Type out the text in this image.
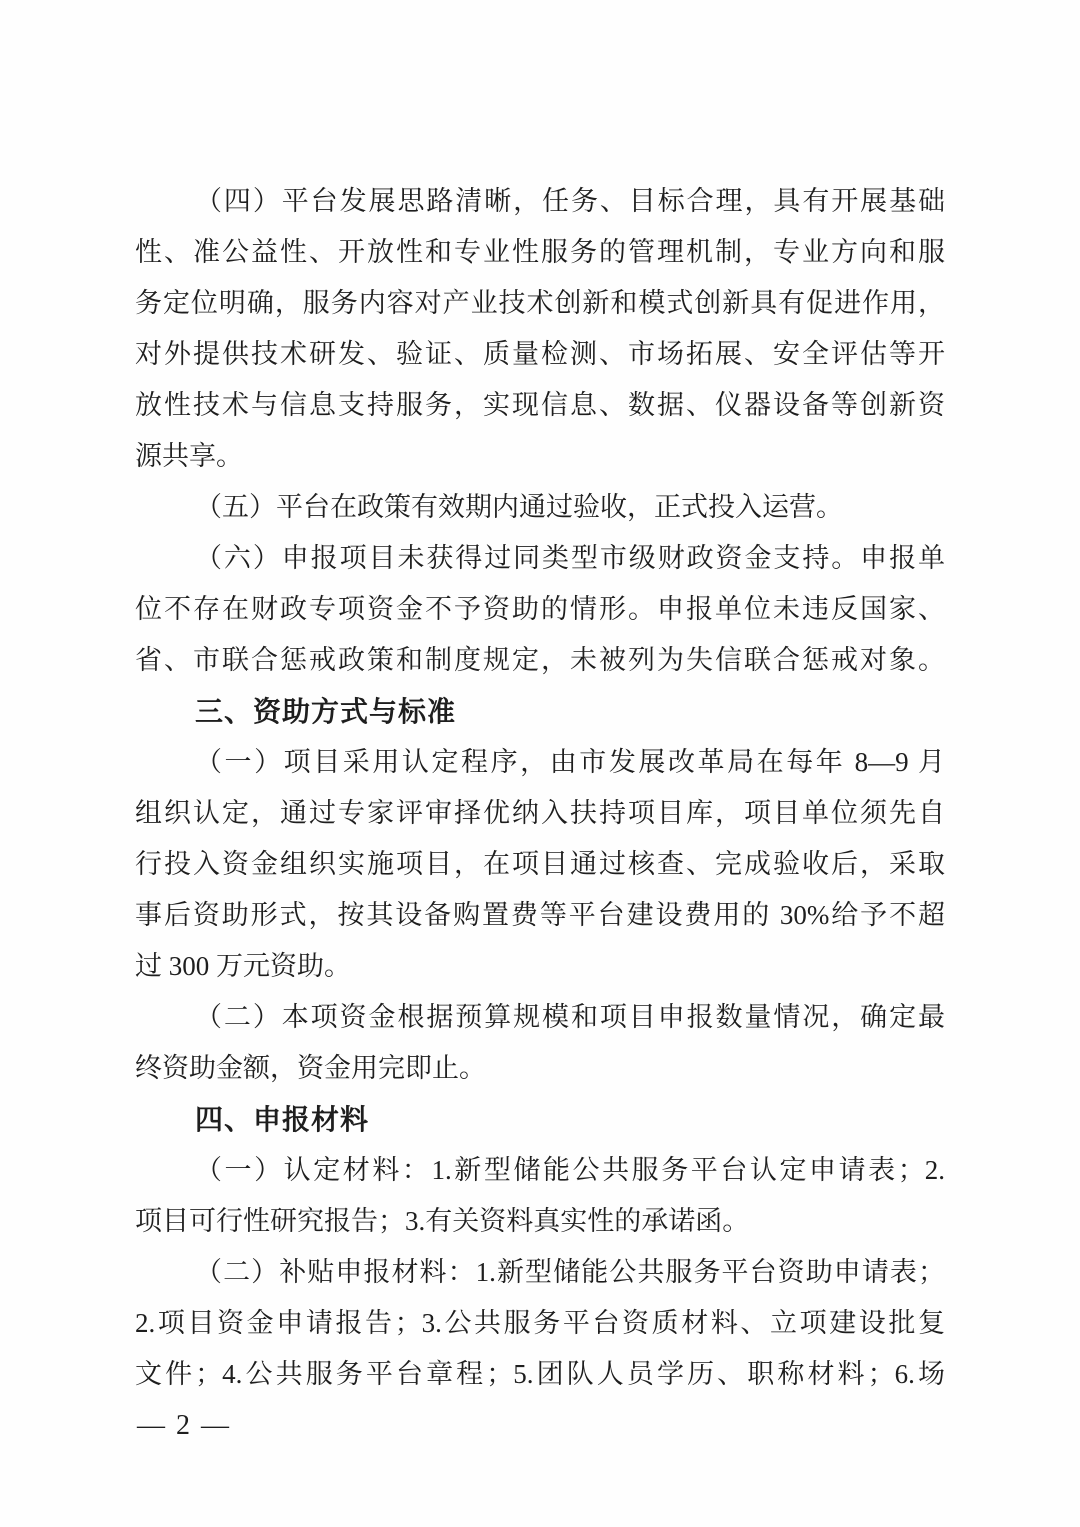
（四）平台发展思路清晰，任务、目标合理，具有开展基础
性、准公益性、开放性和专业性服务的管理机制，专业方向和服
务定位明确，服务内容对产业技术创新和模式创新具有促进作用，
对外提供技术研发、验证、质量检测、市场拓展、安全评估等开
放性技术与信息支持服务，实现信息、数据、仪器设备等创新资
源共享。
（五）平台在政策有效期内通过验收，正式投入运营。
（六）申报项目未获得过同类型市级财政资金支持。申报单
位不存在财政专项资金不予资助的情形。申报单位未违反国家、
省、市联合惩戒政策和制度规定，未被列为失信联合惩戒对象。
三、资助方式与标准
（一）项目采用认定程序，由市发展改革局在每年 8—9 月
组织认定，通过专家评审择优纳入扶持项目库，项目单位须先自
行投入资金组织实施项目，在项目通过核查、完成验收后，采取
事后资助形式，按其设备购置费等平台建设费用的 30%给予不超
过 300 万元资助。
（二）本项资金根据预算规模和项目申报数量情况，确定最
终资助金额，资金用完即止。
四、申报材料
（一）认定材料：1.新型储能公共服务平台认定申请表；2.
项目可行性研究报告；3.有关资料真实性的承诺函。
（二）补贴申报材料：1.新型储能公共服务平台资助申请表；
2.项目资金申请报告；3.公共服务平台资质材料、立项建设批复
文件；4.公共服务平台章程；5.团队人员学历、职称材料；6.场
— 2 —
